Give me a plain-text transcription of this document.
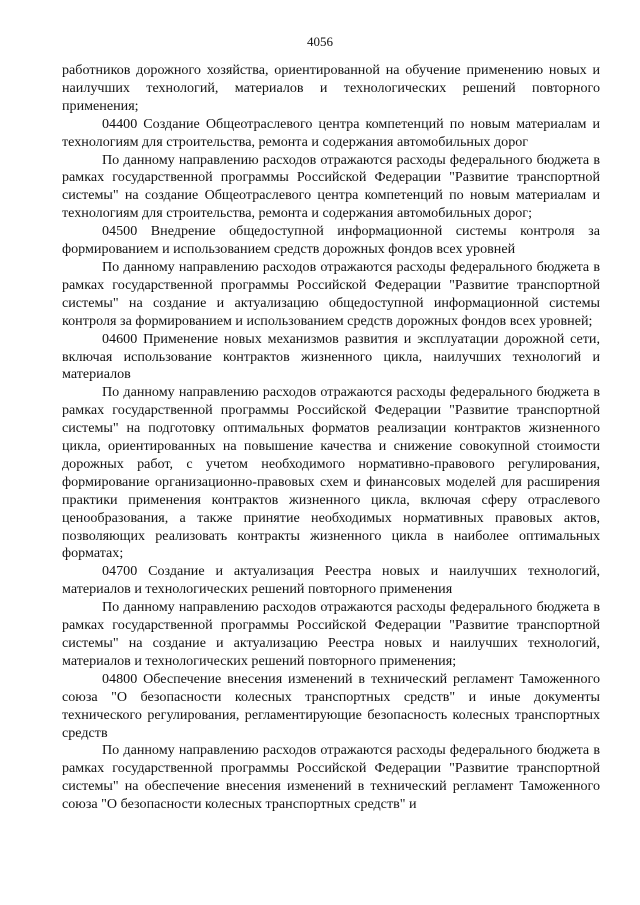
4056

работников дорожного хозяйства, ориентированной на обучение применению новых и наилучших технологий, материалов и технологических решений повторного применения;

04400 Создание Общеотраслевого центра компетенций по новым материалам и технологиям для строительства, ремонта и содержания автомобильных дорог

По данному направлению расходов отражаются расходы федерального бюджета в рамках государственной программы Российской Федерации "Развитие транспортной системы" на создание Общеотраслевого центра компетенций по новым материалам и технологиям для строительства, ремонта и содержания автомобильных дорог;

04500 Внедрение общедоступной информационной системы контроля за формированием и использованием средств дорожных фондов всех уровней

По данному направлению расходов отражаются расходы федерального бюджета в рамках государственной программы Российской Федерации "Развитие транспортной системы" на создание и актуализацию общедоступной информационной системы контроля за формированием и использованием средств дорожных фондов всех уровней;

04600 Применение новых механизмов развития и эксплуатации дорожной сети, включая использование контрактов жизненного цикла, наилучших технологий и материалов

По данному направлению расходов отражаются расходы федерального бюджета в рамках государственной программы Российской Федерации "Развитие транспортной системы" на подготовку оптимальных форматов реализации контрактов жизненного цикла, ориентированных на повышение качества и снижение совокупной стоимости дорожных работ, с учетом необходимого нормативно-правового регулирования, формирование организационно-правовых схем и финансовых моделей для расширения практики применения контрактов жизненного цикла, включая сферу отраслевого ценообразования, а также принятие необходимых нормативных правовых актов, позволяющих реализовать контракты жизненного цикла в наиболее оптимальных форматах;

04700 Создание и актуализация Реестра новых и наилучших технологий, материалов и технологических решений повторного применения

По данному направлению расходов отражаются расходы федерального бюджета в рамках государственной программы Российской Федерации "Развитие транспортной системы" на создание и актуализацию Реестра новых и наилучших технологий, материалов и технологических решений повторного применения;

04800 Обеспечение внесения изменений в технический регламент Таможенного союза "О безопасности колесных транспортных средств" и иные документы технического регулирования, регламентирующие безопасность колесных транспортных средств

По данному направлению расходов отражаются расходы федерального бюджета в рамках государственной программы Российской Федерации "Развитие транспортной системы" на обеспечение внесения изменений в технический регламент Таможенного союза "О безопасности колесных транспортных средств" и
